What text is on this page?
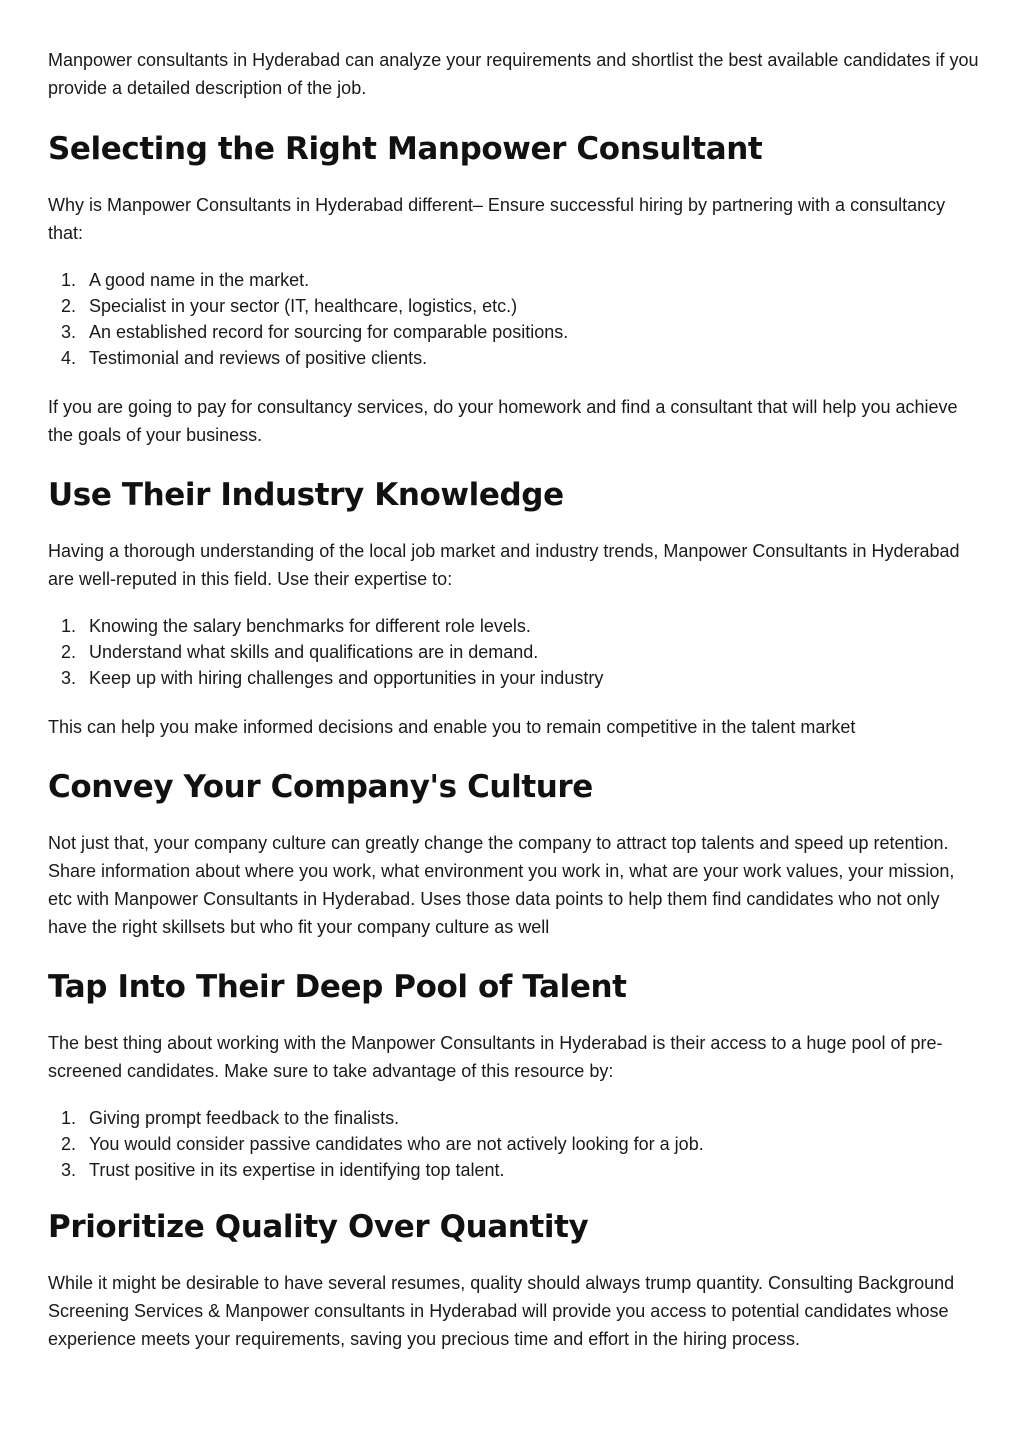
Manpower consultants in Hyderabad can analyze your requirements and shortlist the best available candidates if you provide a detailed description of the job.

Selecting the Right Manpower Consultant

Why is Manpower Consultants in Hyderabad different– Ensure successful hiring by partnering with a consultancy that:

1. A good name in the market.
2. Specialist in your sector (IT, healthcare, logistics, etc.)
3. An established record for sourcing for comparable positions.
4. Testimonial and reviews of positive clients.

If you are going to pay for consultancy services, do your homework and find a consultant that will help you achieve the goals of your business.

Use Their Industry Knowledge

Having a thorough understanding of the local job market and industry trends, Manpower Consultants in Hyderabad are well-reputed in this field. Use their expertise to:

1. Knowing the salary benchmarks for different role levels.
2. Understand what skills and qualifications are in demand.
3. Keep up with hiring challenges and opportunities in your industry

This can help you make informed decisions and enable you to remain competitive in the talent market

Convey Your Company's Culture

Not just that, your company culture can greatly change the company to attract top talents and speed up retention. Share information about where you work, what environment you work in, what are your work values, your mission, etc with Manpower Consultants in Hyderabad. Uses those data points to help them find candidates who not only have the right skillsets but who fit your company culture as well

Tap Into Their Deep Pool of Talent

The best thing about working with the Manpower Consultants in Hyderabad is their access to a huge pool of pre-screened candidates. Make sure to take advantage of this resource by:

1. Giving prompt feedback to the finalists.
2. You would consider passive candidates who are not actively looking for a job.
3. Trust positive in its expertise in identifying top talent.
Prioritize Quality Over Quantity

While it might be desirable to have several resumes, quality should always trump quantity. Consulting Background Screening Services & Manpower consultants in Hyderabad will provide you access to potential candidates whose experience meets your requirements, saving you precious time and effort in the hiring process.
